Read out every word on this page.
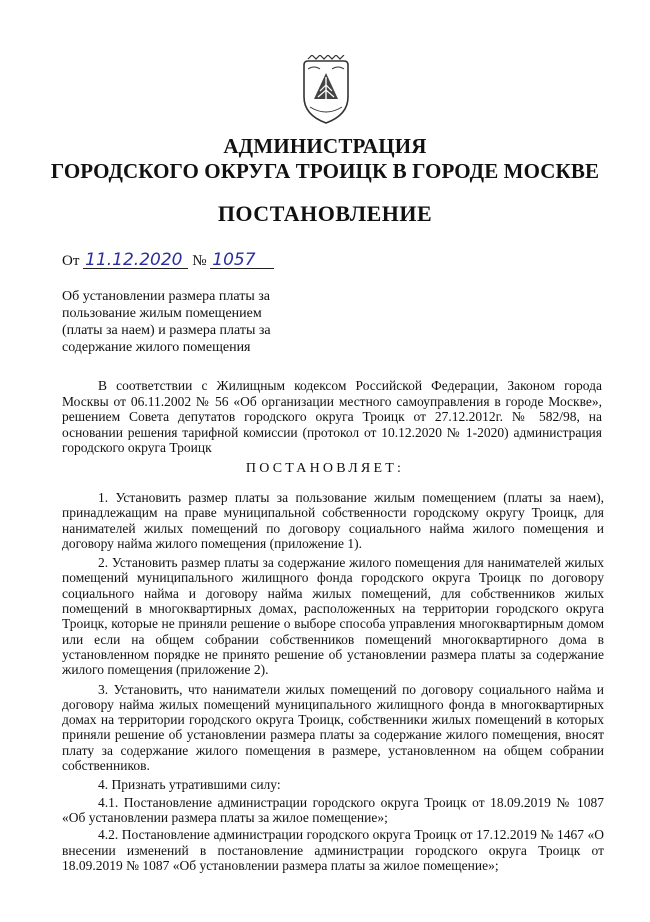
АДМИНИСТРАЦИЯ
ГОРОДСКОГО ОКРУГА ТРОИЦК В ГОРОДЕ МОСКВЕ
ПОСТАНОВЛЕНИЕ
От 11.12.2020 № 1057
Об установлении размера платы за пользование жилым помещением (платы за наем) и размера платы за содержание жилого помещения
В соответствии с Жилищным кодексом Российской Федерации, Законом города Москвы от 06.11.2002 № 56 «Об организации местного самоуправления в городе Москве», решением Совета депутатов городского округа Троицк от 27.12.2012г. № 582/98, на основании решения тарифной комиссии (протокол от 10.12.2020 № 1-2020) администрация городского округа Троицк
ПОСТАНОВЛЯЕТ:

1. Установить размер платы за пользование жилым помещением (платы за наем), принадлежащим на праве муниципальной собственности городскому округу Троицк, для нанимателей жилых помещений по договору социального найма жилого помещения и договору найма жилого помещения (приложение 1).

2. Установить размер платы за содержание жилого помещения для нанимателей жилых помещений муниципального жилищного фонда городского округа Троицк по договору социального найма и договору найма жилых помещений, для собственников жилых помещений в многоквартирных домах, расположенных на территории городского округа Троицк, которые не приняли решение о выборе способа управления многоквартирным домом или если на общем собрании собственников помещений многоквартирного дома в установленном порядке не принято решение об установлении размера платы за содержание жилого помещения (приложение 2).

3. Установить, что наниматели жилых помещений по договору социального найма и договору найма жилых помещений муниципального жилищного фонда в многоквартирных домах на территории городского округа Троицк, собственники жилых помещений в которых приняли решение об установлении размера платы за содержание жилого помещения, вносят плату за содержание жилого помещения в размере, установленном на общем собрании собственников.

4. Признать утратившими силу:

4.1. Постановление администрации городского округа Троицк от 18.09.2019 № 1087 «Об установлении размера платы за жилое помещение»;

4.2. Постановление администрации городского округа Троицк от 17.12.2019 № 1467 «О внесении изменений в постановление администрации городского округа Троицк от 18.09.2019 № 1087 «Об установлении размера платы за жилое помещение»;
